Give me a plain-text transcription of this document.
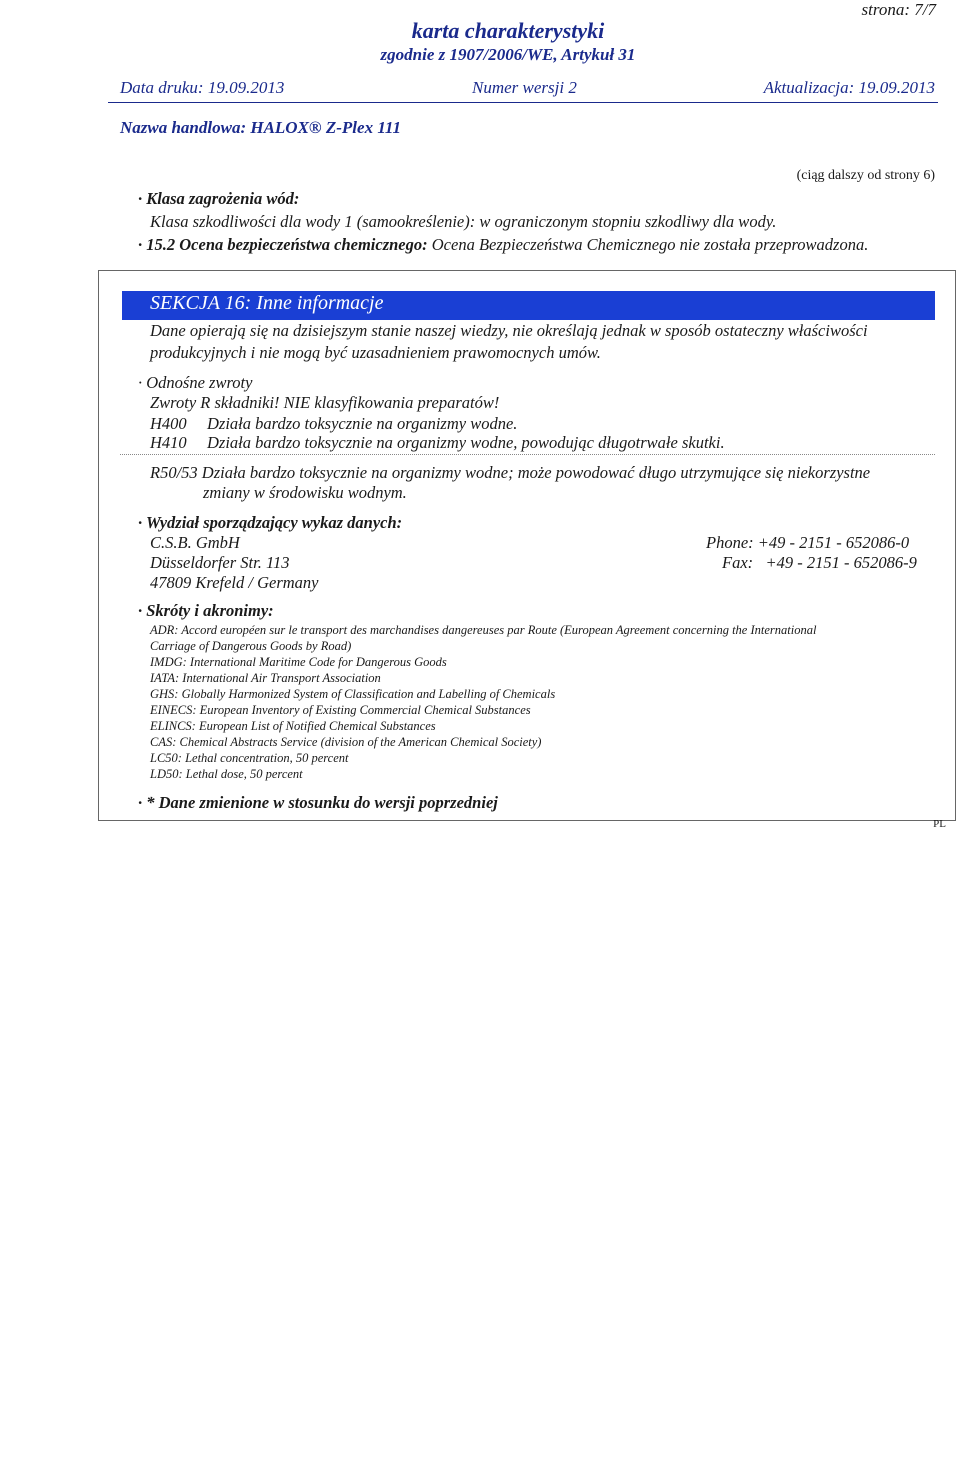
strona: 7/7
karta charakterystyki
zgodnie z 1907/2006/WE, Artykuł 31
Data druku: 19.09.2013	Numer wersji 2	Aktualizacja: 19.09.2013
Nazwa handlowa: HALOX® Z-Plex 111
(ciąg dalszy od strony 6)
· Klasa zagrożenia wód:
Klasa szkodliwości dla wody 1 (samookreślenie): w ograniczonym stopniu szkodliwy dla wody.
· 15.2 Ocena bezpieczeństwa chemicznego: Ocena Bezpieczeństwa Chemicznego nie została przeprowadzona.
SEKCJA 16: Inne informacje
Dane opierają się na dzisiejszym stanie naszej wiedzy, nie określają jednak w sposób ostateczny właściwości
produkcyjnych i nie mogą być uzasadnieniem prawomocnych umów.
· Odnośne zwroty
Zwroty R składniki! NIE klasyfikowania preparatów!
H400 Działa bardzo toksycznie na organizmy wodne.
H410 Działa bardzo toksycznie na organizmy wodne, powodując długotrwałe skutki.
R50/53 Działa bardzo toksycznie na organizmy wodne; może powodować długo utrzymujące się niekorzystne
zmiany w środowisku wodnym.
· Wydział sporządzający wykaz danych:
C.S.B. GmbH
Düsseldorfer Str. 113
47809 Krefeld / Germany
Phone: +49 - 2151 - 652086-0
Fax:   +49 - 2151 - 652086-9
· Skróty i akronimy:
ADR: Accord européen sur le transport des marchandises dangereuses par Route (European Agreement concerning the International
Carriage of Dangerous Goods by Road)
IMDG: International Maritime Code for Dangerous Goods
IATA: International Air Transport Association
GHS: Globally Harmonized System of Classification and Labelling of Chemicals
EINECS: European Inventory of Existing Commercial Chemical Substances
ELINCS: European List of Notified Chemical Substances
CAS: Chemical Abstracts Service (division of the American Chemical Society)
LC50: Lethal concentration, 50 percent
LD50: Lethal dose, 50 percent
· * Dane zmienione w stosunku do wersji poprzedniej
PL
